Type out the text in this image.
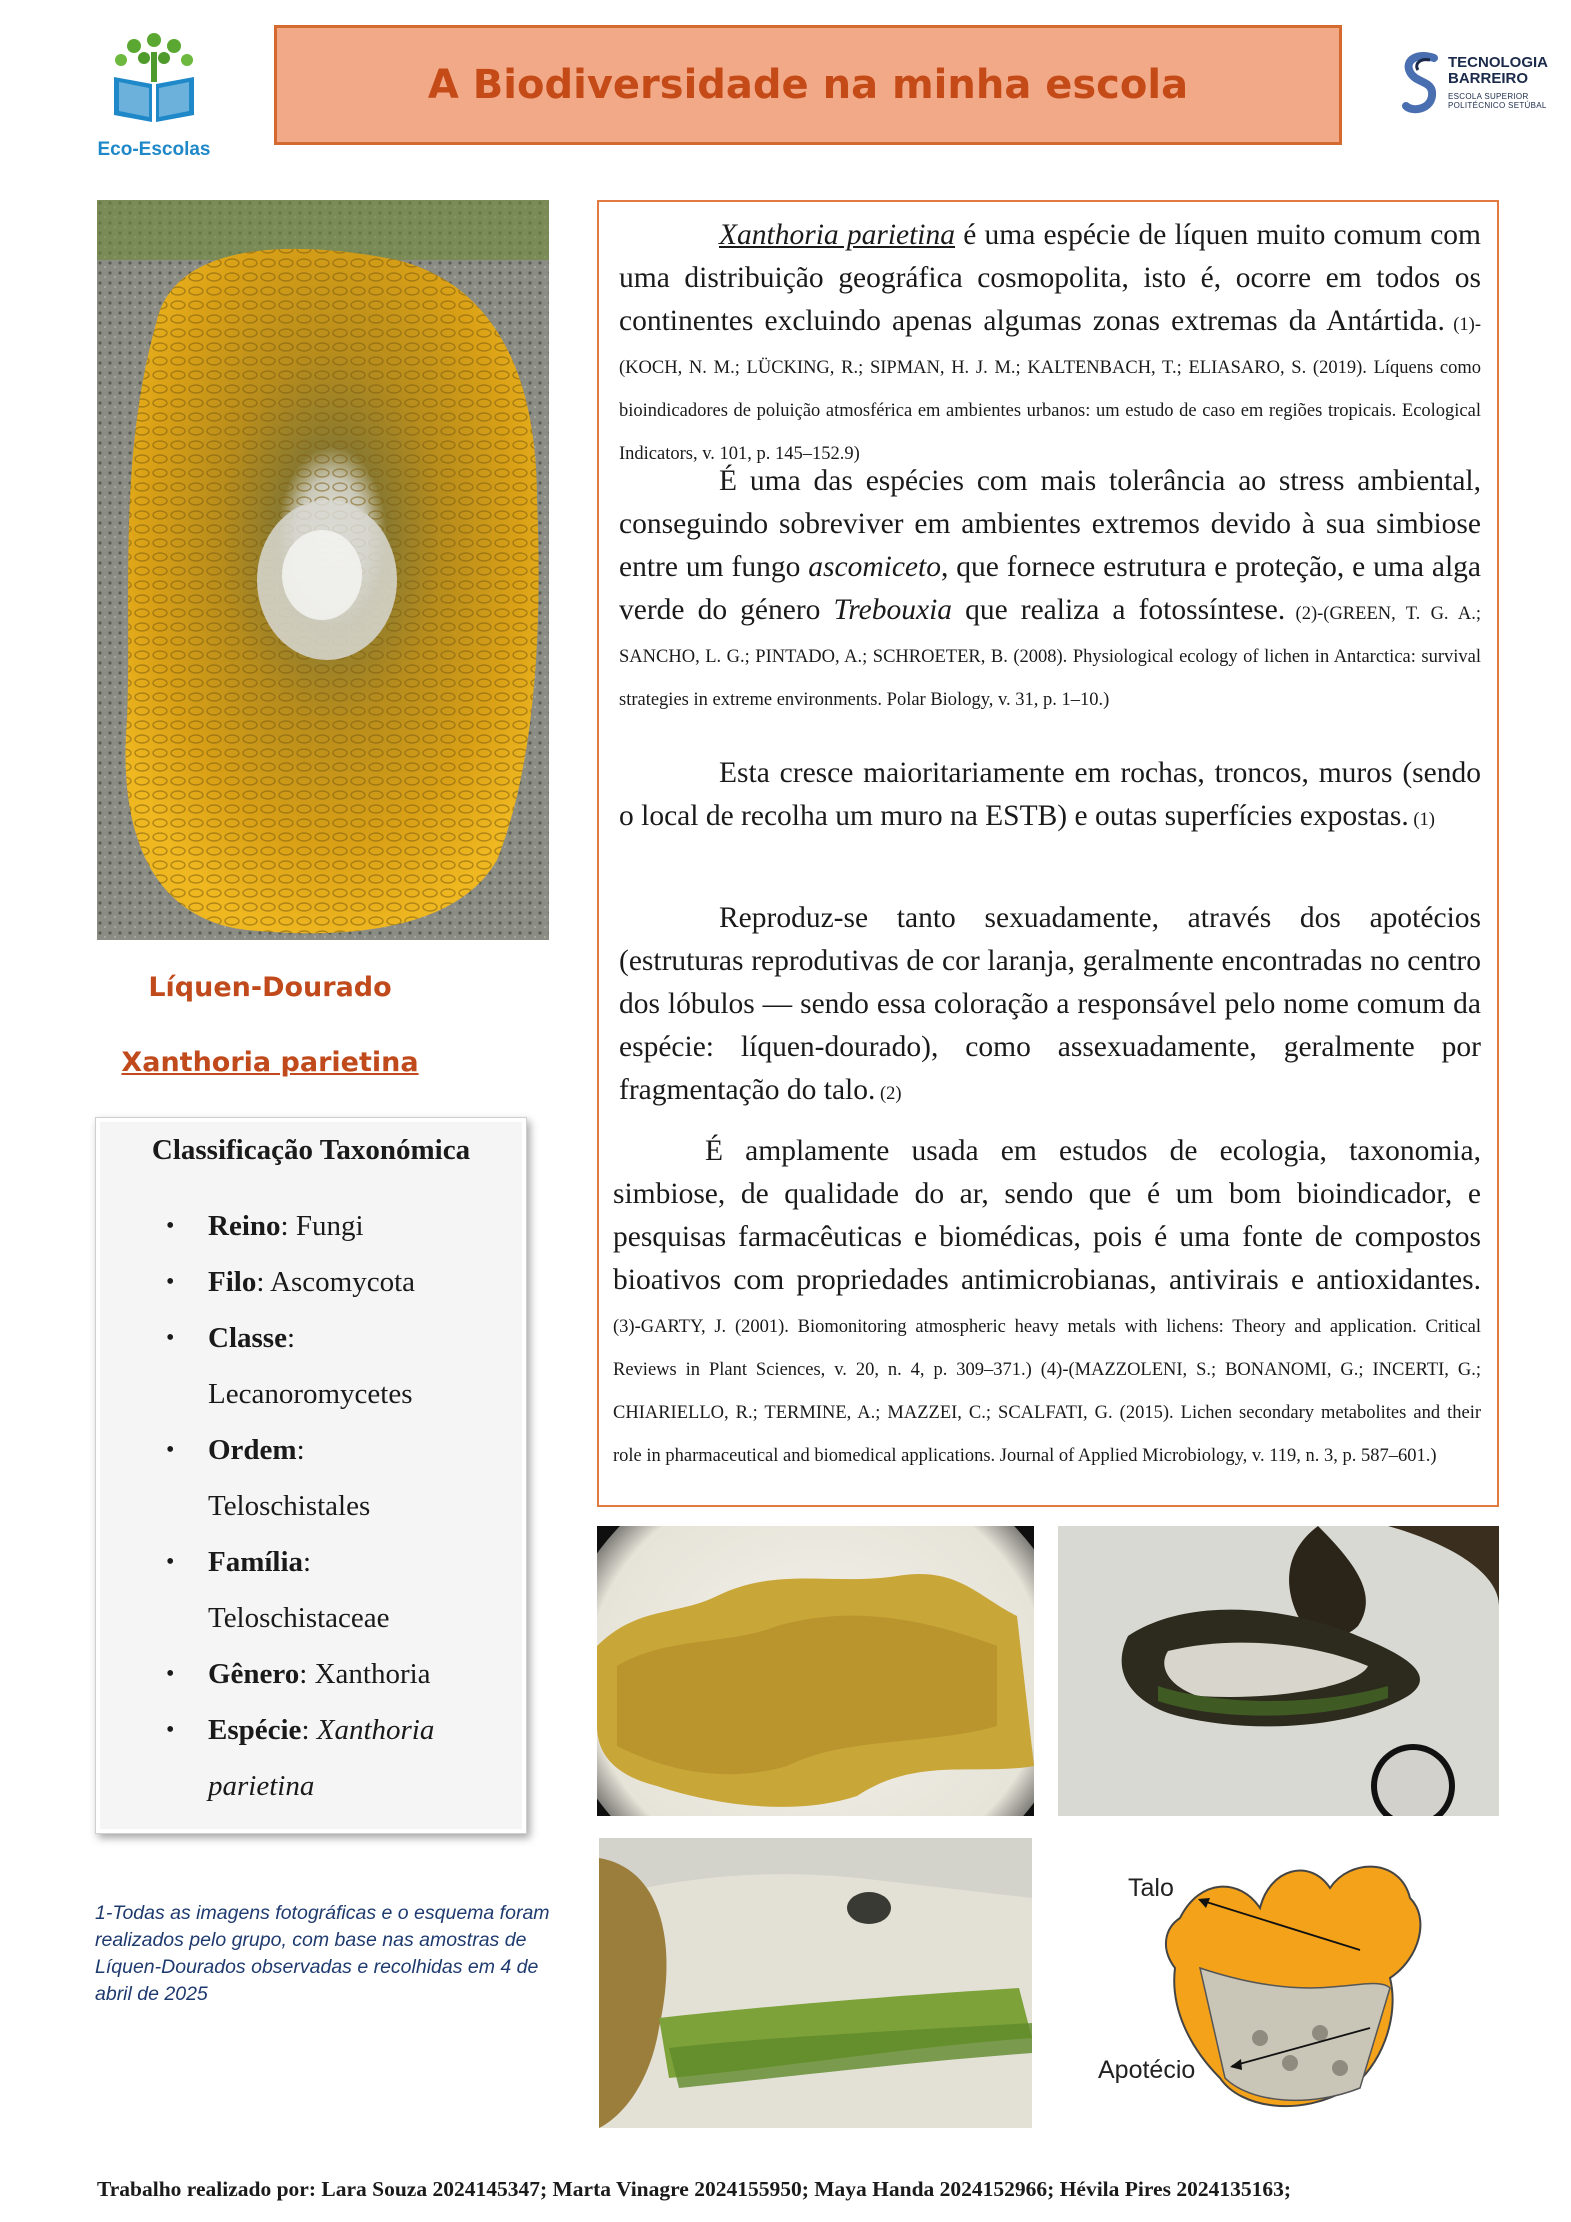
Eco-Escolas
A Biodiversidade na minha escola	TECNOLOGIA
BARREIRO
ESCOLA SUPERIOR
POLITÉCNICO SETÚBAL
Líquen-Dourado
Xanthoria parietina
Classificação Taxonómica
• Reino: Fungi
• Filo: Ascomycota
• Classe:
Lecanoromycetes
• Ordem:
Teloschistales
• Família:
Teloschistaceae
• Gênero: Xanthoria
• Espécie: Xanthoria parietina
1-Todas as imagens fotográficas e o esquema foram realizados pelo grupo, com base nas amostras de Líquen-Dourados observadas e recolhidas em 4 de abril de 2025
Xanthoria parietina é uma espécie de líquen muito comum com uma distribuição geográfica cosmopolita, isto é, ocorre em todos os continentes excluindo apenas algumas zonas extremas da Antártida. (1)-(KOCH, N. M.; LÜCKING, R.; SIPMAN, H. J. M.; KALTENBACH, T.; ELIASARO, S. (2019). Líquens como bioindicadores de poluição atmosférica em ambientes urbanos: um estudo de caso em regiões tropicais. Ecological Indicators, v. 101, p. 145–152.9)
É uma das espécies com mais tolerância ao stress ambiental, conseguindo sobreviver em ambientes extremos devido à sua simbiose entre um fungo ascomiceto, que fornece estrutura e proteção, e uma alga verde do género Trebouxia que realiza a fotossíntese. (2)-(GREEN, T. G. A.; SANCHO, L. G.; PINTADO, A.; SCHROETER, B. (2008). Physiological ecology of lichen in Antarctica: survival strategies in extreme environments. Polar Biology, v. 31, p. 1–10.)
Esta cresce maioritariamente em rochas, troncos, muros (sendo o local de recolha um muro na ESTB) e outas superfícies expostas. (1)
Reproduz-se tanto sexuadamente, através dos apotécios (estruturas reprodutivas de cor laranja, geralmente encontradas no centro dos lóbulos — sendo essa coloração a responsável pelo nome comum da espécie: líquen-dourado), como assexuadamente, geralmente por fragmentação do talo. (2)
É amplamente usada em estudos de ecologia, taxonomia, simbiose, de qualidade do ar, sendo que é um bom bioindicador, e pesquisas farmacêuticas e biomédicas, pois é uma fonte de compostos bioativos com propriedades antimicrobianas, antivirais e antioxidantes. (3)-GARTY, J. (2001). Biomonitoring atmospheric heavy metals with lichens: Theory and application. Critical Reviews in Plant Sciences, v. 20, n. 4, p. 309–371.) (4)-(MAZZOLENI, S.; BONANOMI, G.; INCERTI, G.; CHIARIELLO, R.; TERMINE, A.; MAZZEI, C.; SCALFATI, G. (2015). Lichen secondary metabolites and their role in pharmaceutical and biomedical applications. Journal of Applied Microbiology, v. 119, n. 3, p. 587–601.)
Talo
Apotécio
Trabalho realizado por: Lara Souza 2024145347; Marta Vinagre 2024155950; Maya Handa 2024152966; Hévila Pires 2024135163;
